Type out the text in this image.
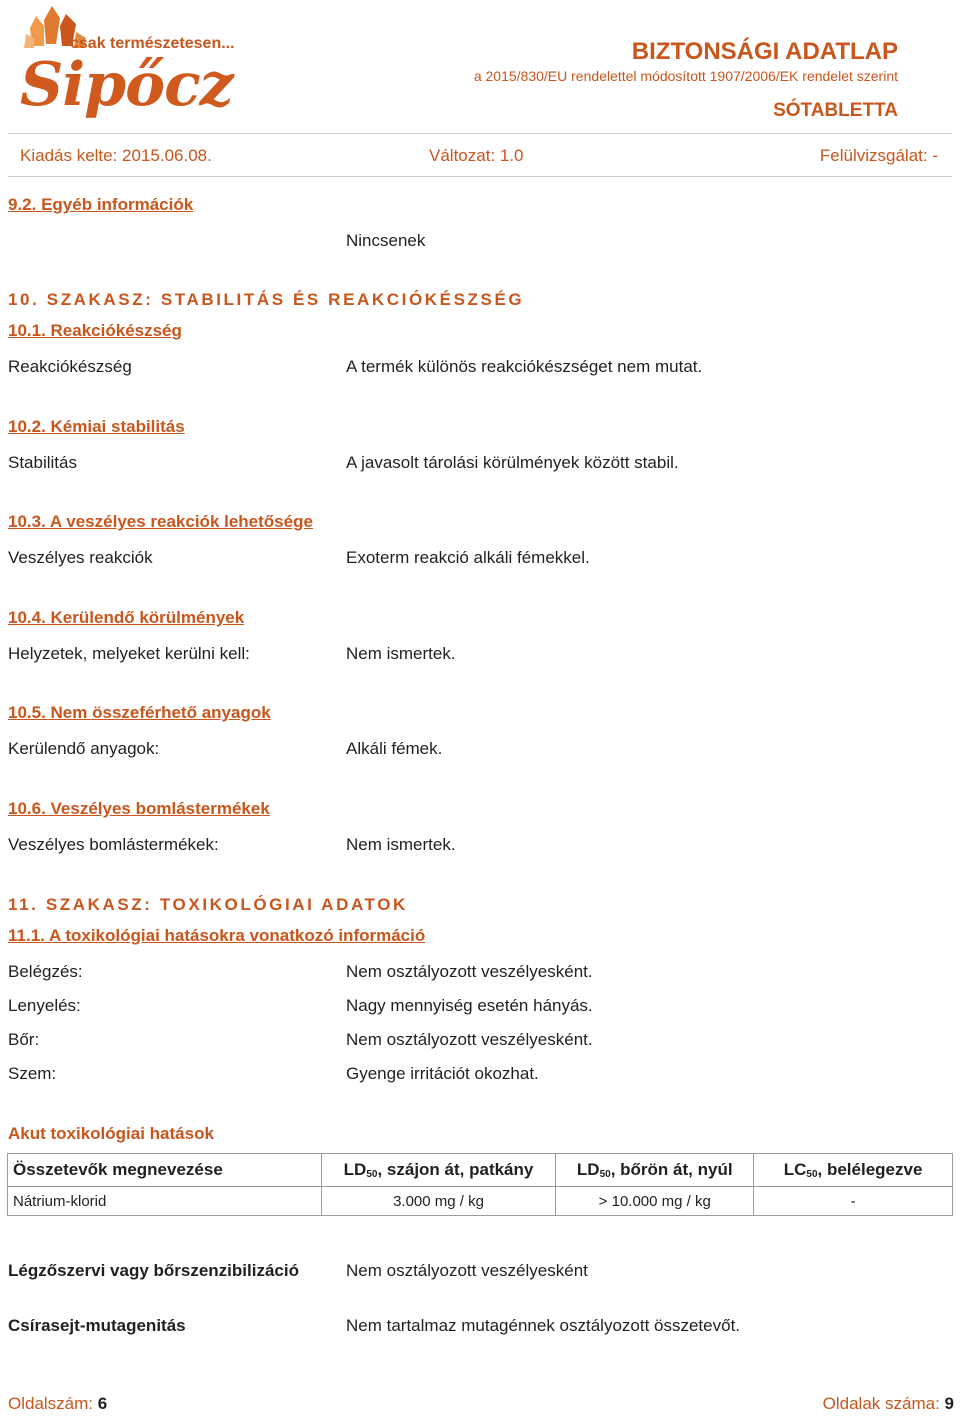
csak természetesen...
Sipőcz	BIZTONSÁGI ADATLAP
a 2015/830/EU rendelettel módosított 1907/2006/EK rendelet szerint
SÓTABLETTA
Kiadás kelte: 2015.06.08.	Változat: 1.0	Felülvizsgálat: -
9.2. Egyéb információk
Nincsenek
10. SZAKASZ: STABILITÁS ÉS REAKCIÓKÉSZSÉG
10.1. Reakciókészség
Reakciókészség	A termék különös reakciókészséget nem mutat.
10.2. Kémiai stabilitás
Stabilitás	A javasolt tárolási körülmények között stabil.
10.3. A veszélyes reakciók lehetősége
Veszélyes reakciók	Exoterm reakció alkáli fémekkel.
10.4. Kerülendő körülmények
Helyzetek, melyeket kerülni kell:	Nem ismertek.
10.5. Nem összeférhető anyagok
Kerülendő anyagok:	Alkáli fémek.
10.6. Veszélyes bomlástermékek
Veszélyes bomlástermékek:	Nem ismertek.
11. SZAKASZ: TOXIKOLÓGIAI ADATOK
11.1. A toxikológiai hatásokra vonatkozó információ
Belégzés:	Nem osztályozott veszélyesként.
Lenyelés:	Nagy mennyiség esetén hányás.
Bőr:	Nem osztályozott veszélyesként.
Szem:	Gyenge irritációt okozhat.
Akut toxikológiai hatások
Összetevők megnevezése	$LD_{50}$, szájon át, patkány	$LD_{50}$, bőrön át, nyúl	$LC_{50}$, belélegezve
Nátrium-klorid	3.000 mg / kg	> 10.000 mg / kg	-
Légzőszervi vagy bőrszenzibilizáció	Nem osztályozott veszélyesként
Csírasejt-mutagenitás	Nem tartalmaz mutagénnek osztályozott összetevőt.
Oldalszám: 6	Oldalak száma: 9
